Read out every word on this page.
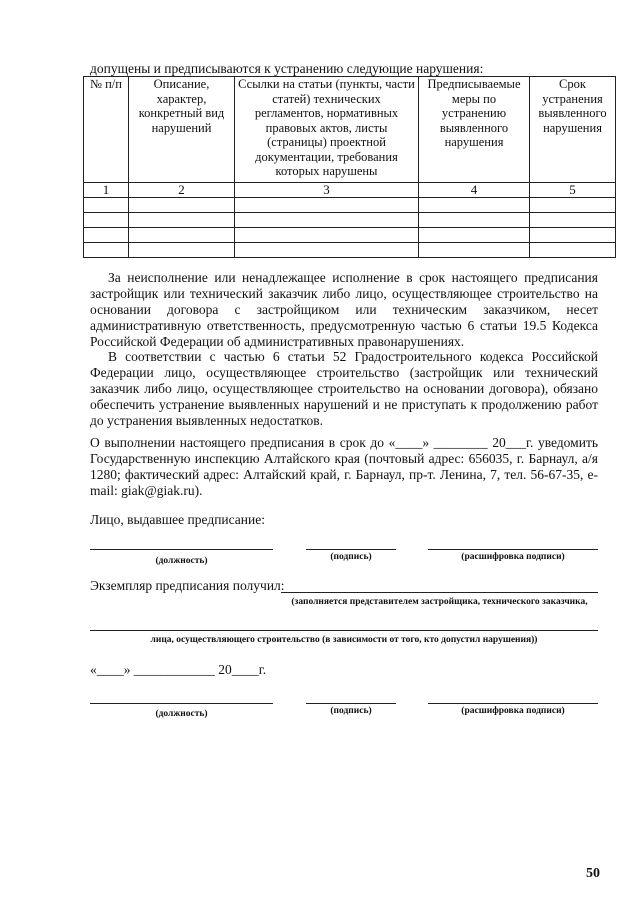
допущены и предписываются к устранению следующие нарушения:
№ п/п	Описание, характер, конкретный вид нарушений	Ссылки на статьи (пункты, части статей) технических регламентов, нормативных правовых актов, листы (страницы) проектной документации, требования которых нарушены	Предписываемые меры по устранению выявленного нарушения	Срок устранения выявленного нарушения
1	2	3	4	5

За неисполнение или ненадлежащее исполнение в срок настоящего предписания застройщик или технический заказчик либо лицо, осуществляющее строительство на основании договора с застройщиком или техническим заказчиком, несет административную ответственность, предусмотренную частью 6 статьи 19.5 Кодекса Российской Федерации об административных правонарушениях.
В соответствии с частью 6 статьи 52 Градостроительного кодекса Российской Федерации лицо, осуществляющее строительство (застройщик или технический заказчик либо лицо, осуществляющее строительство на основании договора), обязано обеспечить устранение выявленных нарушений и не приступать к продолжению работ до устранения выявленных недостатков.
О выполнении настоящего предписания в срок до «____» ________ 20___г. уведомить Государственную инспекцию Алтайского края (почтовый адрес: 656035, г. Барнаул, а/я 1280; фактический адрес: Алтайский край, г. Барнаул, пр-т. Ленина, 7, тел. 56-67-35, e-mail: giak@giak.ru).
Лицо, выдавшее предписание:
(должность)	(подпись)	(расшифровка подписи)
Экземпляр предписания получил:
(заполняется представителем застройщика, технического заказчика,
лица, осуществляющего строительство (в зависимости от того, кто допустил нарушения))
«____» ____________ 20____г.
(должность)	(подпись)	(расшифровка подписи)
50
